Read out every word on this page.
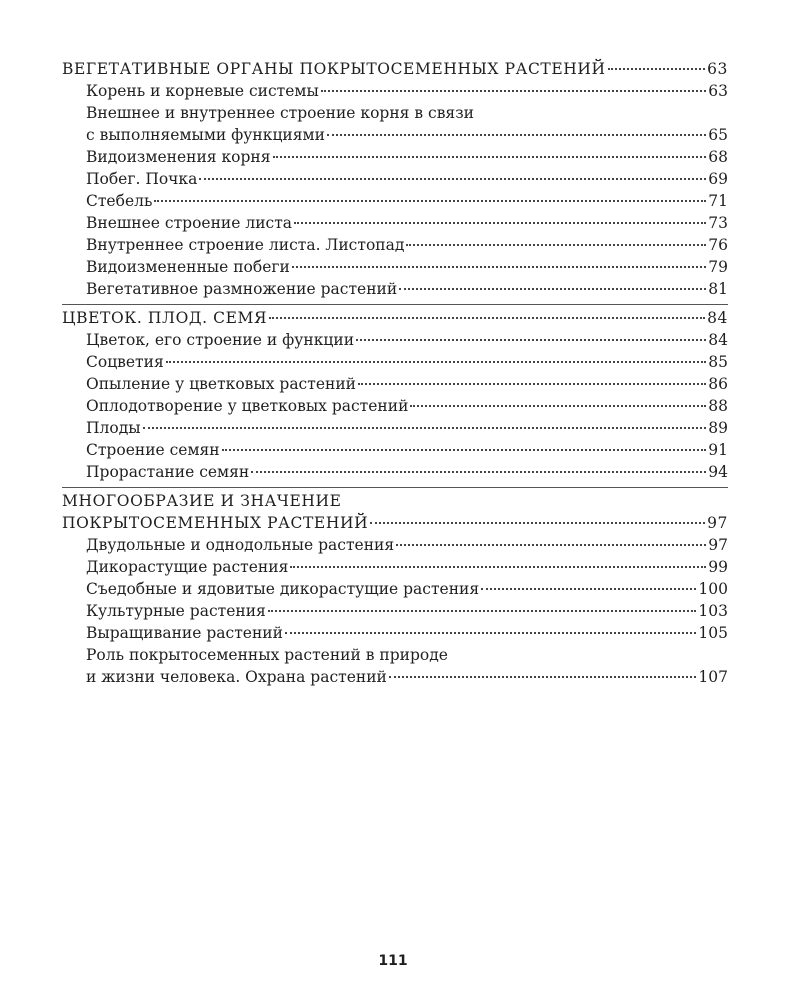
ВЕГЕТАТИВНЫЕ ОРГАНЫ ПОКРЫТОСЕМЕННЫХ РАСТЕНИЙ	63
Корень и корневые системы	63
Внешнее и внутреннее строение корня в связи
с выполняемыми функциями	65
Видоизменения корня	68
Побег. Почка	69
Стебель	71
Внешнее строение листа	73
Внутреннее строение листа. Листопад	76
Видоизмененные побеги	79
Вегетативное размножение растений	81
ЦВЕТОК. ПЛОД. СЕМЯ	84
Цветок, его строение и функции	84
Соцветия	85
Опыление у цветковых растений	86
Оплодотворение у цветковых растений	88
Плоды	89
Строение семян	91
Прорастание семян	94
МНОГООБРАЗИЕ И ЗНАЧЕНИЕ
ПОКРЫТОСЕМЕННЫХ РАСТЕНИЙ	97
Двудольные и однодольные растения	97
Дикорастущие растения	99
Съедобные и ядовитые дикорастущие растения	100
Культурные растения	103
Выращивание растений	105
Роль покрытосеменных растений в природе
и жизни человека. Охрана растений	107
111
